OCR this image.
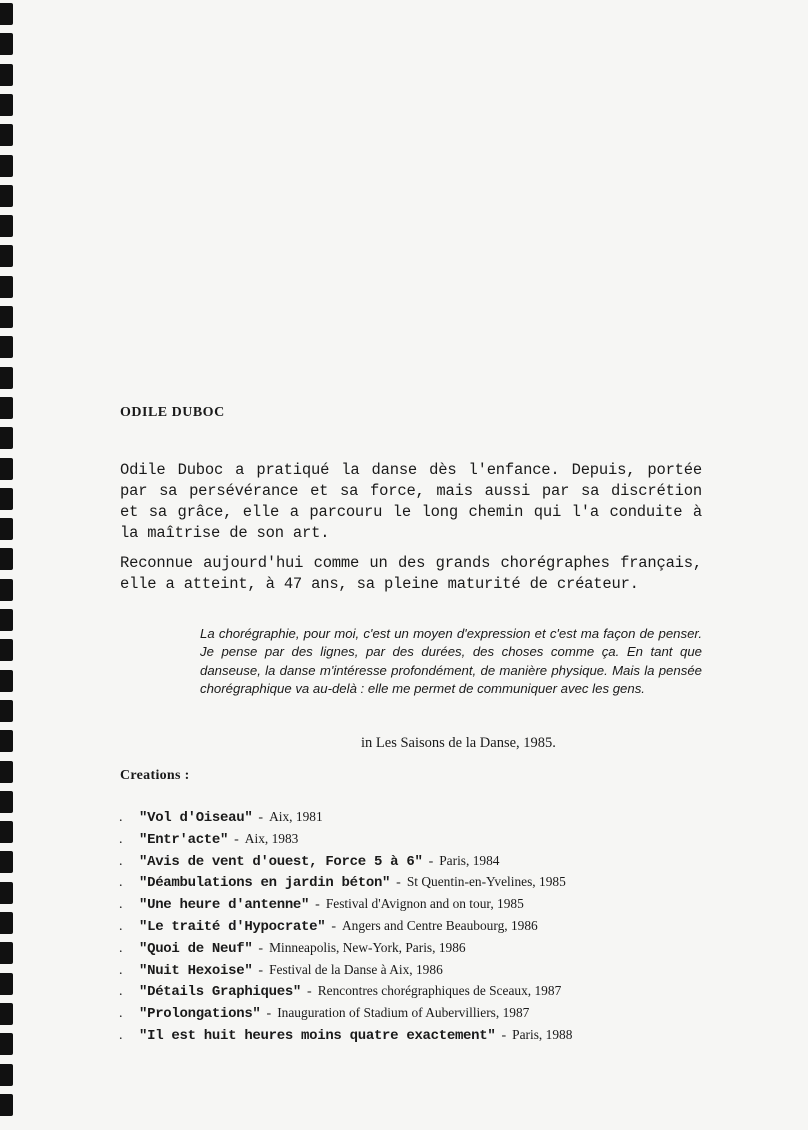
ODILE DUBOC

Odile Duboc a pratiqué la danse dès l'enfance. Depuis, portée par sa persévérance et sa force, mais aussi par sa discrétion et sa grâce, elle a parcouru le long chemin qui l'a conduite à la maîtrise de son art.

Reconnue aujourd'hui comme un des grands chorégraphes français, elle a atteint, à 47 ans, sa pleine maturité de créateur.

La chorégraphie, pour moi, c'est un moyen d'expression et c'est ma façon de penser. Je pense par des lignes, par des durées, des choses comme ça. En tant que danseuse, la danse m'intéresse profondément, de manière physique. Mais la pensée chorégraphique va au-delà : elle me permet de communiquer avec les gens.
in Les Saisons de la Danse, 1985.
Creations :
. "Vol d'Oiseau" - Aix, 1981
. "Entr'acte" - Aix, 1983
. "Avis de vent d'ouest, Force 5 à 6" - Paris, 1984
. "Déambulations en jardin béton" - St Quentin-en-Yvelines, 1985
. "Une heure d'antenne" - Festival d'Avignon and on tour, 1985
. "Le traité d'Hypocrate" - Angers and Centre Beaubourg, 1986
. "Quoi de Neuf" - Minneapolis, New-York, Paris, 1986
. "Nuit Hexoise" - Festival de la Danse à Aix, 1986
. "Détails Graphiques" - Rencontres chorégraphiques de Sceaux, 1987
. "Prolongations" - Inauguration of Stadium of Aubervilliers, 1987
. "Il est huit heures moins quatre exactement" - Paris, 1988
